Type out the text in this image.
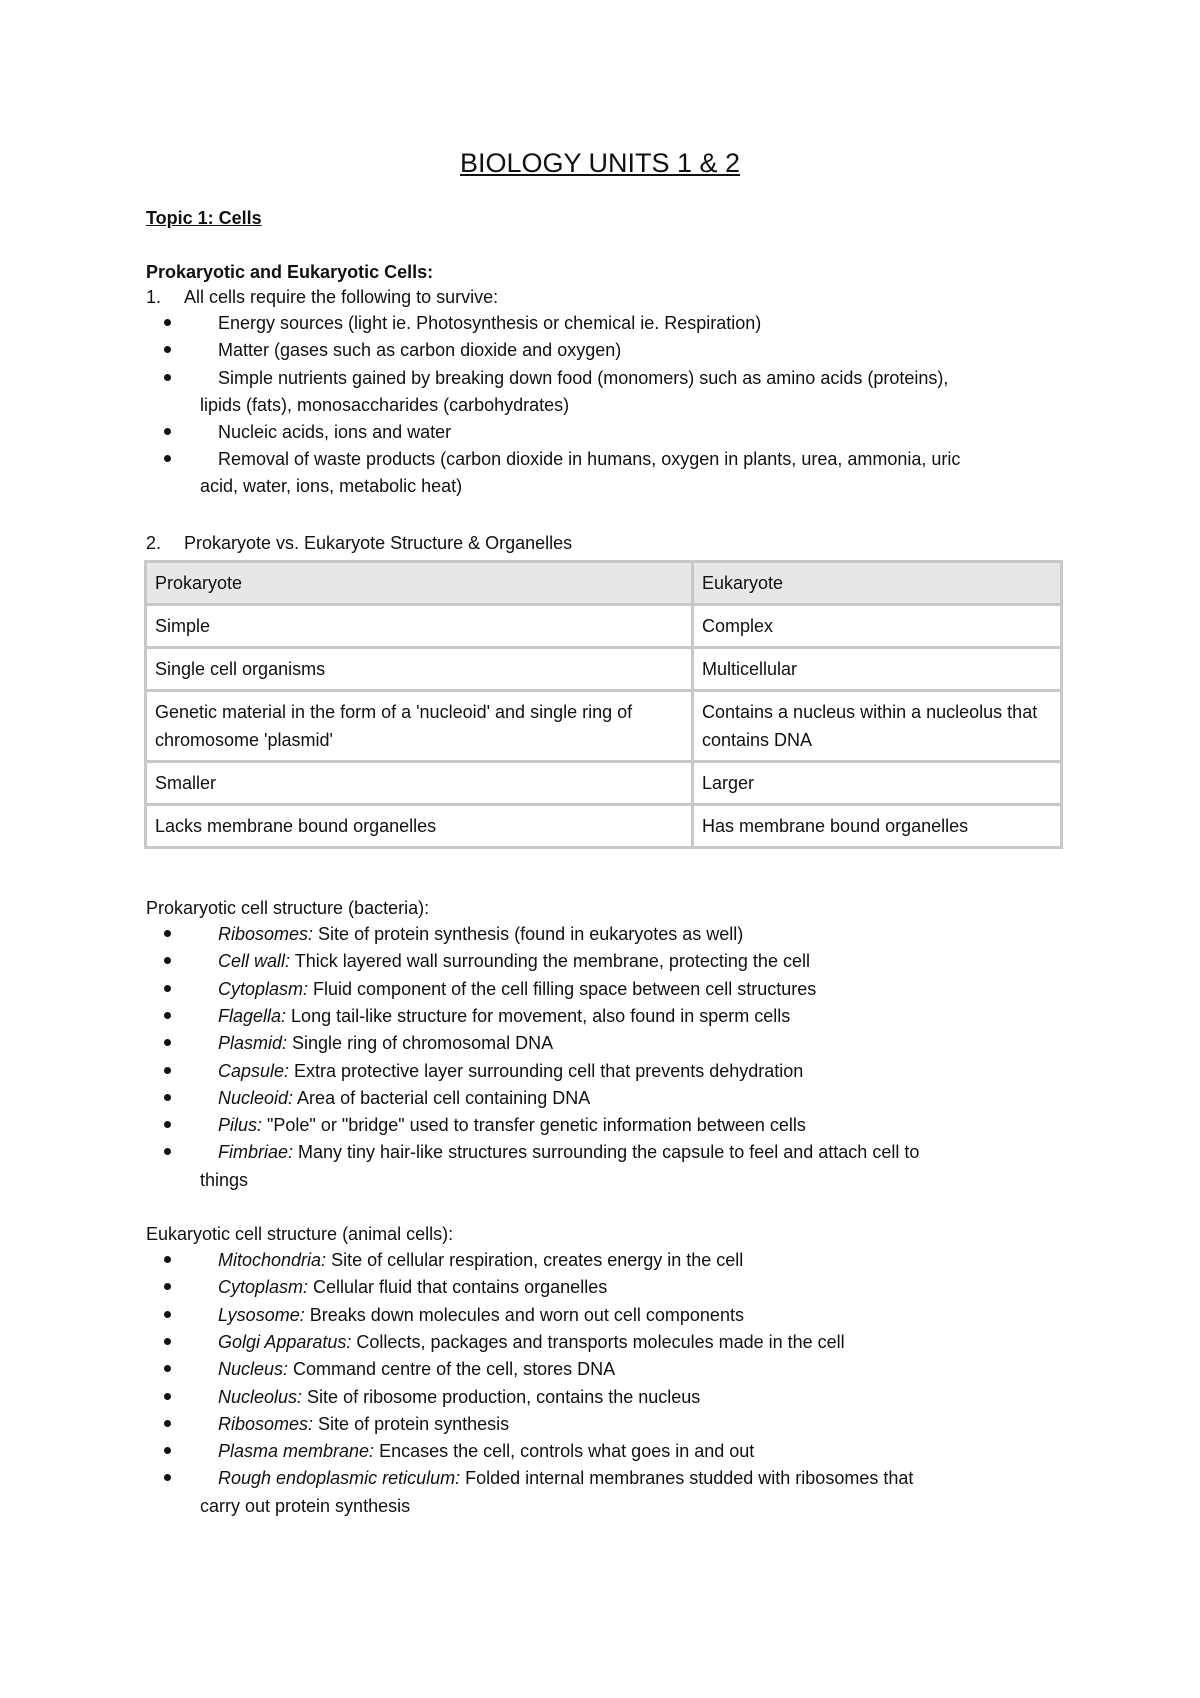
BIOLOGY UNITS 1 & 2
Topic 1: Cells
Prokaryotic and Eukaryotic Cells:
1. All cells require the following to survive:
Energy sources (light ie. Photosynthesis or chemical ie. Respiration)
Matter (gases such as carbon dioxide and oxygen)
Simple nutrients gained by breaking down food (monomers) such as amino acids (proteins),
lipids (fats), monosaccharides (carbohydrates)
Nucleic acids, ions and water
Removal of waste products (carbon dioxide in humans, oxygen in plants, urea, ammonia, uric
acid, water, ions, metabolic heat)
2. Prokaryote vs. Eukaryote Structure & Organelles
Prokaryote	Eukaryote
Simple	Complex
Single cell organisms	Multicellular
Genetic material in the form of a 'nucleoid' and single ring of chromosome 'plasmid'	Contains a nucleus within a nucleolus that contains DNA
Smaller	Larger
Lacks membrane bound organelles	Has membrane bound organelles
Prokaryotic cell structure (bacteria):
Ribosomes: Site of protein synthesis (found in eukaryotes as well)
Cell wall: Thick layered wall surrounding the membrane, protecting the cell
Cytoplasm: Fluid component of the cell filling space between cell structures
Flagella: Long tail-like structure for movement, also found in sperm cells
Plasmid: Single ring of chromosomal DNA
Capsule: Extra protective layer surrounding cell that prevents dehydration
Nucleoid: Area of bacterial cell containing DNA
Pilus: "Pole" or "bridge" used to transfer genetic information between cells
Fimbriae: Many tiny hair-like structures surrounding the capsule to feel and attach cell to
things
Eukaryotic cell structure (animal cells):
Mitochondria: Site of cellular respiration, creates energy in the cell
Cytoplasm: Cellular fluid that contains organelles
Lysosome: Breaks down molecules and worn out cell components
Golgi Apparatus: Collects, packages and transports molecules made in the cell
Nucleus: Command centre of the cell, stores DNA
Nucleolus: Site of ribosome production, contains the nucleus
Ribosomes: Site of protein synthesis
Plasma membrane: Encases the cell, controls what goes in and out
Rough endoplasmic reticulum: Folded internal membranes studded with ribosomes that
carry out protein synthesis
